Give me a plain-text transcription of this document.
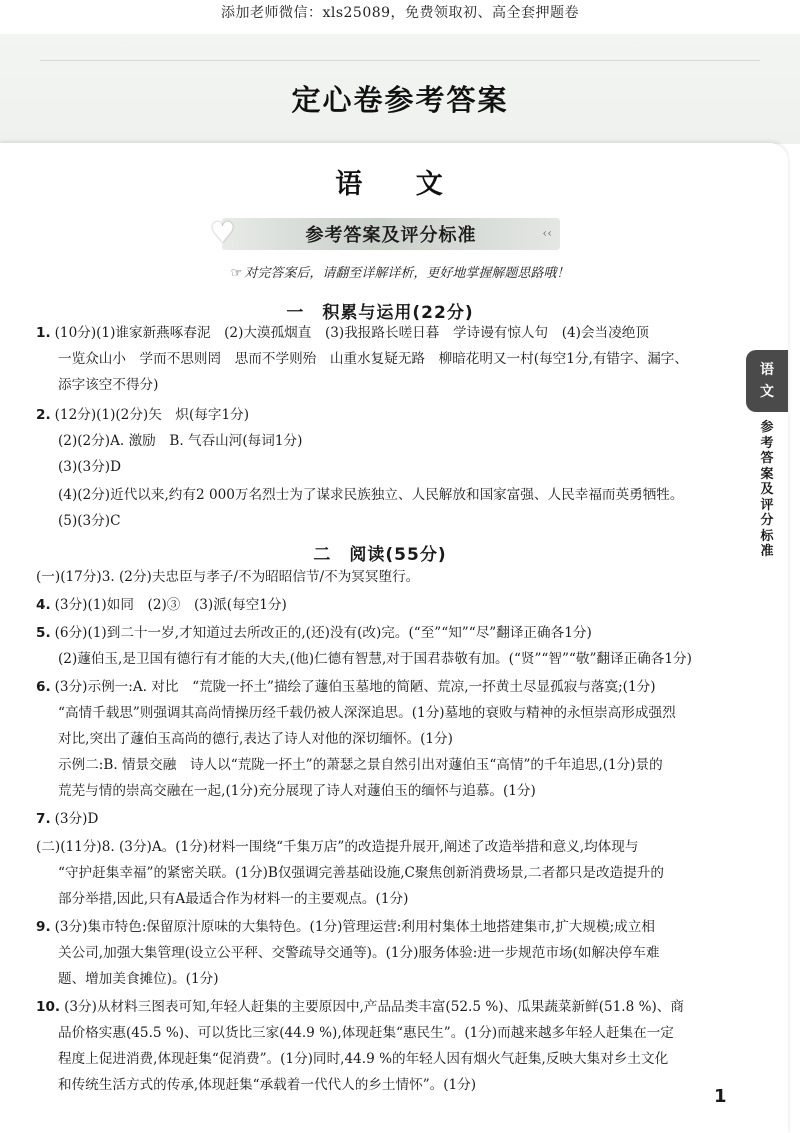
添加老师微信：xls25089，免费领取初、高全套押题卷
定心卷参考答案
语 文
♥	参考答案及评分标准	‹‹
☞ 对完答案后，请翻至详解详析，更好地掌握解题思路哦！
一　积累与运用(22分)
1. (10分)(1)谁家新燕啄春泥　(2)大漠孤烟直　(3)我报路长嗟日暮　学诗谩有惊人句　(4)会当凌绝顶
一览众山小　学而不思则罔　思而不学则殆　山重水复疑无路　柳暗花明又一村(每空1分,有错字、漏字、
添字该空不得分)
2. (12分)(1)(2分)矢　炽(每字1分)
(2)(2分)A. 激励　B. 气吞山河(每词1分)
(3)(3分)D
(4)(2分)近代以来,约有2 000万名烈士为了谋求民族独立、人民解放和国家富强、人民幸福而英勇牺牲。
(5)(3分)C
二　阅读(55分)
(一)(17分)3. (2分)夫忠臣与孝子/不为昭昭信节/不为冥冥堕行。
4. (3分)(1)如同　(2)③　(3)派(每空1分)
5. (6分)(1)到二十一岁,才知道过去所改正的,(还)没有(改)完。(“至”“知”“尽”翻译正确各1分)
(2)蘧伯玉,是卫国有德行有才能的大夫,(他)仁德有智慧,对于国君恭敬有加。(“贤”“智”“敬”翻译正确各1分)
6. (3分)示例一:A. 对比　“荒陇一抔土”描绘了蘧伯玉墓地的简陋、荒凉,一抔黄土尽显孤寂与落寞;(1分)
“高情千载思”则强调其高尚情操历经千载仍被人深深追思。(1分)墓地的衰败与精神的永恒崇高形成强烈
对比,突出了蘧伯玉高尚的德行,表达了诗人对他的深切缅怀。(1分)
示例二:B. 情景交融　诗人以“荒陇一抔土”的萧瑟之景自然引出对蘧伯玉“高情”的千年追思,(1分)景的
荒芜与情的崇高交融在一起,(1分)充分展现了诗人对蘧伯玉的缅怀与追慕。(1分)
7. (3分)D
(二)(11分)8. (3分)A。(1分)材料一围绕“千集万店”的改造提升展开,阐述了改造举措和意义,均体现与
“守护赶集幸福”的紧密关联。(1分)B仅强调完善基础设施,C聚焦创新消费场景,二者都只是改造提升的
部分举措,因此,只有A最适合作为材料一的主要观点。(1分)
9. (3分)集市特色:保留原汁原味的大集特色。(1分)管理运营:利用村集体土地搭建集市,扩大规模;成立相
关公司,加强大集管理(设立公平秤、交警疏导交通等)。(1分)服务体验:进一步规范市场(如解决停车难
题、增加美食摊位)。(1分)
10. (3分)从材料三图表可知,年轻人赶集的主要原因中,产品品类丰富(52.5 %)、瓜果蔬菜新鲜(51.8 %)、商
品价格实惠(45.5 %)、可以货比三家(44.9 %),体现赶集“惠民生”。(1分)而越来越多年轻人赶集在一定
程度上促进消费,体现赶集“促消费”。(1分)同时,44.9 %的年轻人因有烟火气赶集,反映大集对乡土文化
和传统生活方式的传承,体现赶集“承载着一代代人的乡土情怀”。(1分)
语
文
参考答案及评分标准
1
